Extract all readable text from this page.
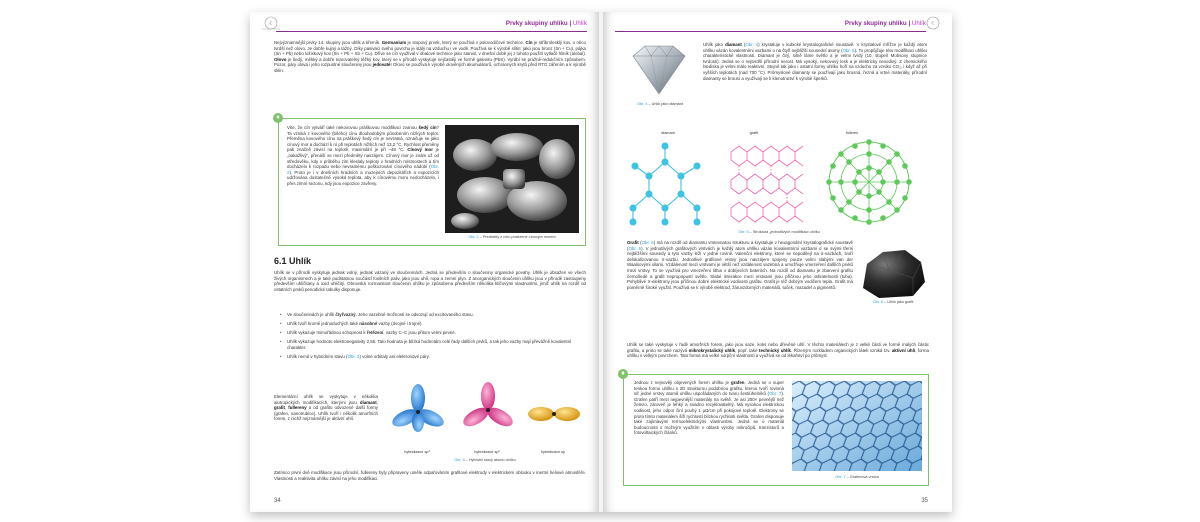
C	Prvky skupiny uhlíku | Uhlík
Nejvýznamnější prvky 14. skupiny jsou uhlík a křemík. Germanium je stopový prvek, který se používá v polovodičové technice. Cín je stříbrolesklý kov, o něco tvrdší než olovo. Je dobře kujný a tažný. Díky pasivaci svého povrchu je stálý na vzduchu i ve vodě. Používá se k výrobě slitin: jako jsou bronz (Sn + Cu), pájka (Sn + Pb) nebo ložiskový kov (Sn + Pb + Sb + Cu). Dříve se cín využíval v obalové technice jako staniol, v dnešní době jej z tohoto použití vytlačil hliník (alobal). Olovo je šedý, měkký a dobře tvarovatelný těžký kov, který se v přírodě vyskytuje nejčastěji ve formě galenitu (PbS). Vyrábí se pražně-redukčním způsobem. Pozor, páry olova i jeho rozpustné sloučeniny jsou jedovaté! Olovo se používá k výrobě olověných akumulátorů, ochranných krytů před RTG zářením a k výrobě slitin.
Víte, že cín vytváří také nekovovou práškovou modifikaci zvanou šedý cín? Ta vzniká z kovového (bílého) cínu dlouhodobým působením nízkých teplot. Přeměna kovového cínu na práškový šedý cín je nevratná, označuje se jako cínový mor a dochází k ní při teplotách nižších než 13,2 °C. Rychlost přeměny pak značně závisí na teplotě, maximální je při −48 °C. Cínový mor je „nakažlivý“, přenáší se mezi předměty navzájem. Cínový mor je znám už od středověku, kdy v průběhu zim kleslaly teploty v hradních místnostech a tím docházelo k rozpadu nebo nevratnému poškozování cínového nádobí (Obr. 2). Proto je i v dnešních hradních a muzejních depozitářích a expozicích udržována dostatečně vysoká teplota, aby k cínovému moru nedocházelo, i přes zimní sezonu, kdy jsou expozice zavřeny.
Obr. 2 – Předměty z cínu postižené cínovým morem
♦
6.1 Uhlík
Uhlík se v přírodě vyskytuje jednak volný, jednak vázaný ve sloučeninách. Jedná se především o sloučeniny organické povahy. Uhlík je obsažen ve všech živých organismech a je také podstatnou součástí fosilních paliv, jako jsou uhlí, ropa a zemní plyn. Z anorganických sloučenin uhlíku jsou v přírodě zastoupeny především uhličitany a oxid uhličitý. Obrovská rozmanitost sloučenin uhlíku je způsobena především několika klíčovými vlastnostmi, jimiž uhlík na rozdíl od ostatních prvků periodické tabulky disponuje.
• Ve sloučeninách je uhlík čtyřvazný. Jeho vazebné možnosti se odvozují od excitovaného stavu.
• Uhlík tvoří kromě jednoduchých také násobné vazby (dvojné i trojné).
• Uhlík vykazuje mimořádnou schopnost k řetězení, vazby C–C jsou přitom velmi pevné.
• Uhlík vykazuje hodnotu elektronegativity 2,55. Tato hodnota je blízká hodnotám celé řady dalších prvků, a tak jeho vazby mají převážně kovalentní charakter.
• Uhlík nemá v hybridním stavu (Obr. 3) volné orbitaly ani elektronové páry.
Elementární uhlík se vyskytuje v několika alotropických modifikacích, kterými jsou diamant, grafit, fullereny a od grafitu odvozené další formy (grafen, nanotrubice). Uhlík tvoří i několik amorfních forem, z nichž nejznámější je aktivní uhlí.
hybridizace sp³	hybridizace sp²	hybridizace sp
Obr. 3 – Hybridní stavy atomu uhlíku
Zatímco první dvě modifikace jsou přírodní, fullereny byly připraveny uměle odpařováním grafitové elektrody v elektrickém oblouku v inertní heliové atmosféře. Vlastnosti a reaktivita uhlíku závisí na jeho modifikaci.
34
Prvky skupiny uhlíku | Uhlík C
Obr. 4 – Uhlík jako diamant
Uhlík jako diamant (Obr. 4) krystaluje v kubické krystalografické soustavě. V krystalové mřížce je každý atom uhlíku vázán kovalentními vazbami o na čtyři nejbližší sousední atomy (Obr. 5). To propůjčuje této modifikaci uhlíku charakteristické vlastnosti. Diamant je čirý, silně lámе světlo a je velmi tvrdý (10. stupeň Mohsovy stupnice tvrdosti). Jedná se o nejtvrdší přírodní nerost. Má vysoký, nekovový lesk a je elektricky nevodivý. Z chemického hlediska je velmi málo reaktivní. Stejně tak jako i ostatní formy uhlíku hoří na vzduchu za vzniku CO₂, i když až při vyšších teplotách (nad 700 °C). Průmyslové diamanty se používají jako brusná, řezná a vrtné materiály, přírodní diamanty se brousí a využívají se k klenotnictví k výrobě šperků.
diamant	grafit	fulleren
Obr. 5 – Struktura „jednotlivých modifikací uhlíku
Grafit (Obr. 6) má na rozdíl od diamantu vrstevnatou strukturu a krystaluje v hexagonální krystalografické soustavě (Obr. 5). V jednotlivých grafitových vrstvách je každý atom uhlíku vázán kovalentními vazbami σ se svými třemi nejbližšími sousedy a tyto vazby leží v jedné rovině. Valenční elektrony, které se nepodílejí na σ-vazbách, tvoří delokalizovanou π-vazbu. Jednotlivé grafitové vrstvy jsou navzájem spojeny pouze velmi slabými van der Waalsovými silami. Vzdálenost mezi vrstvami je větší než vzdálenost vazebná a umožňuje vmezeření dalších prvků mezi vrstvy. To se využívá pro vmezeření lithia v dobíjecích bateriích. Na rozdíl od diamantu je zbarvení grafitu černošedé a grafit neprupopustí světlo. Slabé interakce mezi vrstvami jsou příčinou jeho otěratelnosti (tuha). Pohyblivé π-elektrony jsou příčinou dobré elektrické vodivosti grafitu. Grafit je též dobrým vodičem tepla. Grafit má poměrně široké využití. Používá se k výrobě elektrod, žáruvzdorných materiálů, tuček, mazadel a pigmentů.
Obr. 6 – Uhlík jako grafit
Uhlík se také vyskytuje v řadě amorfních forem, jako jsou saze, koks nebo dřevěné uhlí. V těchto materiálech je z velké části ve formě malých částic grafitu, a proto se také nazývá mikrokrystalický uhlík, popř. také technický uhlík. Řízeným rozkladem organických látek vzniká tzv. aktivní uhlí, forma uhlíku s velkým povrchem. Tato forma má velké sorpční vlastnosti a využívá se od lékařství po průmysl.
Jednou z nejnověji objevených forem uhlíku je grafen. Jedná se o super tenkou formu uhlíku s 2D strukturou podobnou grafitu, kterou tvoří rovinná síť jedné vrstvy atomů uhlíku uspořádaných do tvaru šestiúhelníků (Obr. 7). Grafen patří mezi nejpevnější materiály na světě. Je asi 200× pevnější než železo, zároveň je lehký a snadno recyklovatelný. Má vysokou elektrickou vodivost, jeho odpor činí pouhý 1 μΩ/cm při pokojové teplotě. Elektrony se proto tímto materiálem šíří rychlostí blízkou rychlosti světla. Grafen disponuje také zajímavými termoelektrickými vlastnostmi. Jedná se o materiál budoucnosti s možným využitím v oblasti výroby mikročipů, tranzistorů a fotovoltaických článků.
Obr. 7 – Grafenová vrstva
♦
35
